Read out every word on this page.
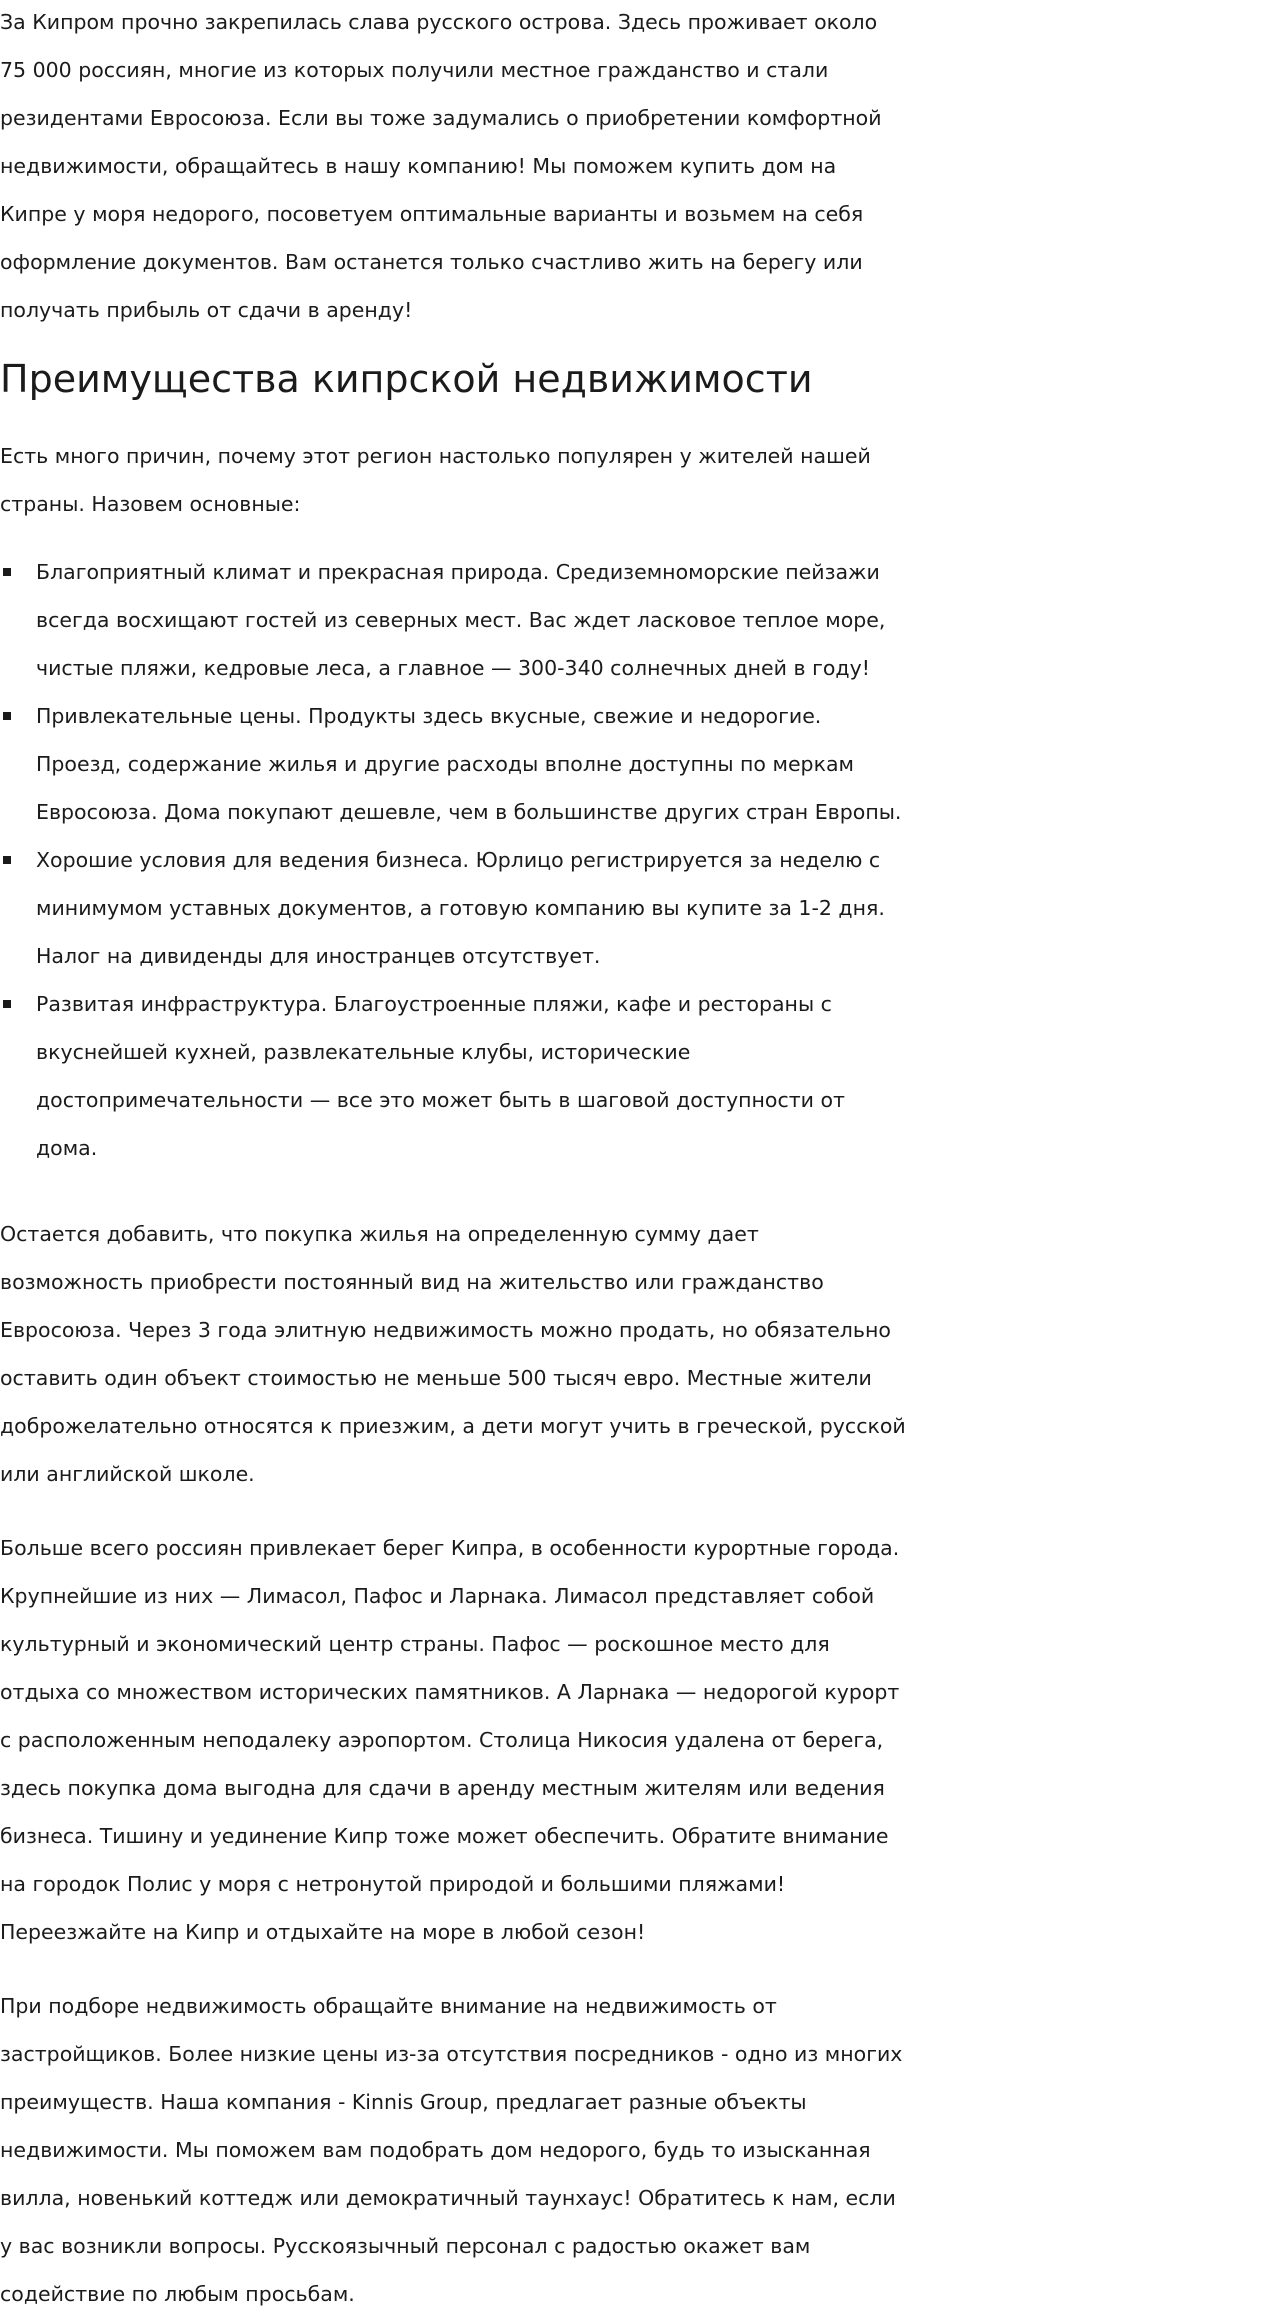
За Кипром прочно закрепилась слава русского острова. Здесь проживает около 75 000 россиян, многие из которых получили местное гражданство и стали резидентами Евросоюза. Если вы тоже задумались о приобретении комфортной недвижимости, обращайтесь в нашу компанию! Мы поможем купить дом на Кипре у моря недорого, посоветуем оптимальные варианты и возьмем на себя оформление документов. Вам останется только счастливо жить на берегу или получать прибыль от сдачи в аренду!

Преимущества кипрской недвижимости

Есть много причин, почему этот регион настолько популярен у жителей нашей страны. Назовем основные:

Благоприятный климат и прекрасная природа. Средиземноморские пейзажи всегда восхищают гостей из северных мест. Вас ждет ласковое теплое море, чистые пляжи, кедровые леса, а главное — 300-340 солнечных дней в году!
Привлекательные цены. Продукты здесь вкусные, свежие и недорогие. Проезд, содержание жилья и другие расходы вполне доступны по меркам Евросоюза. Дома покупают дешевле, чем в большинстве других стран Европы.
Хорошие условия для ведения бизнеса. Юрлицо регистрируется за неделю с минимумом уставных документов, а готовую компанию вы купите за 1-2 дня. Налог на дивиденды для иностранцев отсутствует.
Развитая инфраструктура. Благоустроенные пляжи, кафе и рестораны с вкуснейшей кухней, развлекательные клубы, исторические достопримечательности — все это может быть в шаговой доступности от дома.

Остается добавить, что покупка жилья на определенную сумму дает возможность приобрести постоянный вид на жительство или гражданство Евросоюза. Через 3 года элитную недвижимость можно продать, но обязательно оставить один объект стоимостью не меньше 500 тысяч евро. Местные жители доброжелательно относятся к приезжим, а дети могут учить в греческой, русской или английской школе.

Больше всего россиян привлекает берег Кипра, в особенности курортные города. Крупнейшие из них — Лимасол, Пафос и Ларнака. Лимасол представляет собой культурный и экономический центр страны. Пафос — роскошное место для отдыха со множеством исторических памятников. А Ларнака — недорогой курорт с расположенным неподалеку аэропортом. Столица Никосия удалена от берега, здесь покупка дома выгодна для сдачи в аренду местным жителям или ведения бизнеса. Тишину и уединение Кипр тоже может обеспечить. Обратите внимание на городок Полис у моря с нетронутой природой и большими пляжами! Переезжайте на Кипр и отдыхайте на море в любой сезон!

При подборе недвижимость обращайте внимание на недвижимость от застройщиков. Более низкие цены из-за отсутствия посредников - одно из многих преимуществ. Наша компания - Kinnis Group, предлагает разные объекты недвижимости. Мы поможем вам подобрать дом недорого, будь то изысканная вилла, новенький коттедж или демократичный таунхаус! Обратитесь к нам, если у вас возникли вопросы. Русскоязычный персонал с радостью окажет вам содействие по любым просьбам.
